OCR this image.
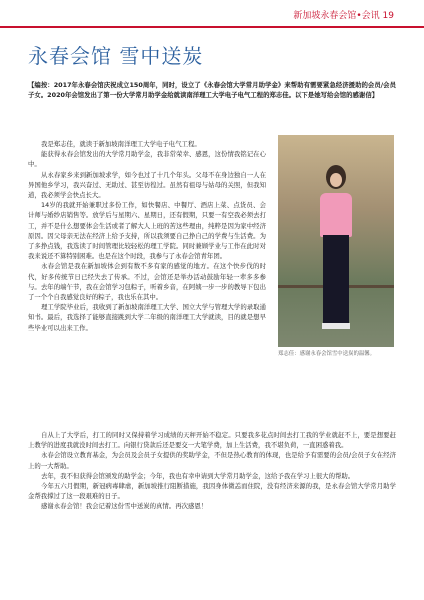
新加坡永春会馆•会讯 19
永春会馆 雪中送炭
【编按：2017年永春会馆庆祝成立150周年，同时，设立了《永春会馆大学常月助学金》来帮助有需要紧急经济援助的会员/会员子女。2020年会馆发出了第一份大学常月助学金给就读南洋理工大学电子电气工程的郑志佳。以下是她写给会馆的感谢信】

我是郑志佳，就读于新加坡南洋理工大学电子电气工程。

能获得永春会馆发出的大学常月助学金，我非常荣幸、感恩，这份情我铭记在心中。

从永春家乡来到新加坡求学，如今也过了十几个年头。父母不在身边独自一人在异国他乡学习，我兴奋过、无助过、甚至彷徨过。虽然有祖母与姑母的关照，但我知道，我必须学会快点长大。

14岁的我就开始兼职过多份工作，如快餐店、中餐厅、酒店上菜、点货员、会计师与婚纱店销售等。放学后与星期六、星期日，还有假期，只要一有空我必须去打工，并不是什么想要体会生活或者了解大人上班的苦这些理由，纯粹是因为家中经济原因。因父母亲无法在经济上给予支持，所以我须要自己挣自己的学费与生活费。为了多挣点钱，我选读了时间管理比较轻松的理工学院。同时兼顾学业与工作在此时对我来说还不算特别困难。也是在这个时段，我参与了永春会馆青年团。

永春会馆是我在新加坡体会到有数不多有家的感觉的地方。在这个快步伐的时代，好多传统节日已经失去了传承。不过，会馆还是举办活动鼓励年轻一辈多多参与。去年的端午节，我在会馆学习包粽子，听着乡音，在阿姨一步一步的教导下包出了一个个自我感觉良好的粽子，我也乐在其中。

理工学院毕业后，我收到了新加坡南洋理工大学、国立大学与管理大学的录取通知书。最后，我选择了能够直接跳到大学二年级的南洋理工大学就读，目的就是想早些毕业可以出来工作。

郑志佳：感谢永春会馆雪中送炭的温馨。

自从上了大学后，打工的同时又保持着学习成绩的天秤开始不稳定。只要我多花点时间去打工我的学业就赶不上，要是想要赶上教学的进度我就没时间去打工。向银行贷款后还是要交一大笔学费，加上生活费，我不堪负荷，一直困惑着我。

永春会馆设立教育基金，为会员及会员子女提供的奖助学金，不但是热心教育的体现，也是给予有需要的会员/会员子女在经济上的一大帮助。

去年，我不但获得会馆颁发的助学金；今年，我也有幸申请到大学常月助学金，这给予我在学习上很大的帮助。

今年五六月假期，新冠病毒肆虐，新加坡推行阻断措施，我因身体微恙而住院，没有经济来源的我，是永春会馆大学常月助学金帮我撑过了这一段艰难的日子。

感谢永春会馆！我会记着这份雪中送炭的真情。再次感恩！
